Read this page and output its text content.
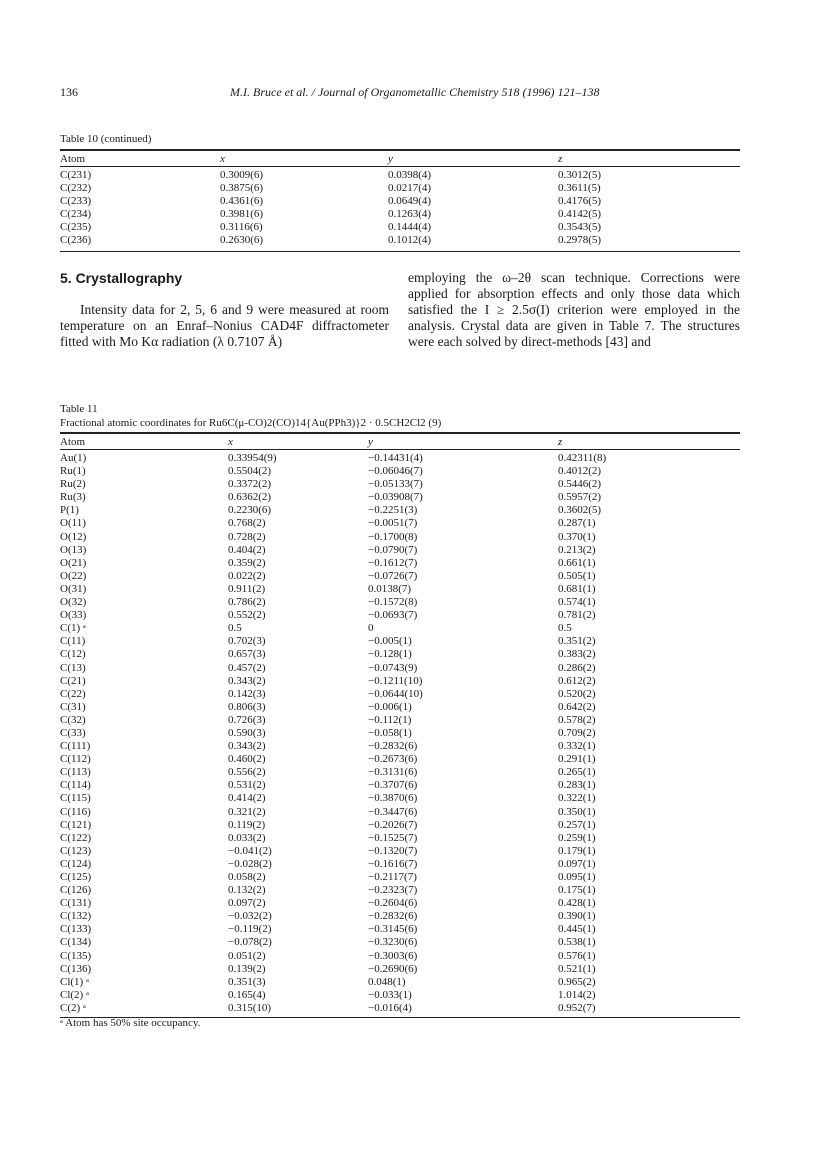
136	M.I. Bruce et al. / Journal of Organometallic Chemistry 518 (1996) 121–138
Table 10 (continued)
Atom	x	y	z
C(231)	0.3009(6)	0.0398(4)	0.3012(5)
C(232)	0.3875(6)	0.0217(4)	0.3611(5)
C(233)	0.4361(6)	0.0649(4)	0.4176(5)
C(234)	0.3981(6)	0.1263(4)	0.4142(5)
C(235)	0.3116(6)	0.1444(4)	0.3543(5)
C(236)	0.2630(6)	0.1012(4)	0.2978(5)
5. Crystallography
Intensity data for 2, 5, 6 and 9 were measured at room temperature on an Enraf–Nonius CAD4F diffractometer fitted with Mo Kα radiation (λ 0.7107 Å)
employing the ω–2θ scan technique. Corrections were applied for absorption effects and only those data which satisfied the I ≥ 2.5σ(I) criterion were employed in the analysis. Crystal data are given in Table 7. The structures were each solved by direct-methods [43] and
Table 11
Fractional atomic coordinates for Ru6C(μ-CO)2(CO)14{Au(PPh3)}2 · 0.5CH2Cl2 (9)
Atom	x	y	z
Au(1)	0.33954(9)	−0.14431(4)	0.42311(8)
Ru(1)	0.5504(2)	−0.06046(7)	0.4012(2)
Ru(2)	0.3372(2)	−0.05133(7)	0.5446(2)
Ru(3)	0.6362(2)	−0.03908(7)	0.5957(2)
P(1)	0.2230(6)	−0.2251(3)	0.3602(5)
O(11)	0.768(2)	−0.0051(7)	0.287(1)
O(12)	0.728(2)	−0.1700(8)	0.370(1)
O(13)	0.404(2)	−0.0790(7)	0.213(2)
O(21)	0.359(2)	−0.1612(7)	0.661(1)
O(22)	0.022(2)	−0.0726(7)	0.505(1)
O(31)	0.911(2)	0.0138(7)	0.681(1)
O(32)	0.786(2)	−0.1572(8)	0.574(1)
O(33)	0.552(2)	−0.0693(7)	0.781(2)
C(1) ᵃ	0.5	0	0.5
C(11)	0.702(3)	−0.005(1)	0.351(2)
C(12)	0.657(3)	−0.128(1)	0.383(2)
C(13)	0.457(2)	−0.0743(9)	0.286(2)
C(21)	0.343(2)	−0.1211(10)	0.612(2)
C(22)	0.142(3)	−0.0644(10)	0.520(2)
C(31)	0.806(3)	−0.006(1)	0.642(2)
C(32)	0.726(3)	−0.112(1)	0.578(2)
C(33)	0.590(3)	−0.058(1)	0.709(2)
C(111)	0.343(2)	−0.2832(6)	0.332(1)
C(112)	0.460(2)	−0.2673(6)	0.291(1)
C(113)	0.556(2)	−0.3131(6)	0.265(1)
C(114)	0.531(2)	−0.3707(6)	0.283(1)
C(115)	0.414(2)	−0.3870(6)	0.322(1)
C(116)	0.321(2)	−0.3447(6)	0.350(1)
C(121)	0.119(2)	−0.2026(7)	0.257(1)
C(122)	0.033(2)	−0.1525(7)	0.259(1)
C(123)	−0.041(2)	−0.1320(7)	0.179(1)
C(124)	−0.028(2)	−0.1616(7)	0.097(1)
C(125)	0.058(2)	−0.2117(7)	0.095(1)
C(126)	0.132(2)	−0.2323(7)	0.175(1)
C(131)	0.097(2)	−0.2604(6)	0.428(1)
C(132)	−0.032(2)	−0.2832(6)	0.390(1)
C(133)	−0.119(2)	−0.3145(6)	0.445(1)
C(134)	−0.078(2)	−0.3230(6)	0.538(1)
C(135)	0.051(2)	−0.3003(6)	0.576(1)
C(136)	0.139(2)	−0.2690(6)	0.521(1)
Cl(1) ᵃ	0.351(3)	0.048(1)	0.965(2)
Cl(2) ᵃ	0.165(4)	−0.033(1)	1.014(2)
C(2) ᵃ	0.315(10)	−0.016(4)	0.952(7)
ᵃ Atom has 50% site occupancy.
